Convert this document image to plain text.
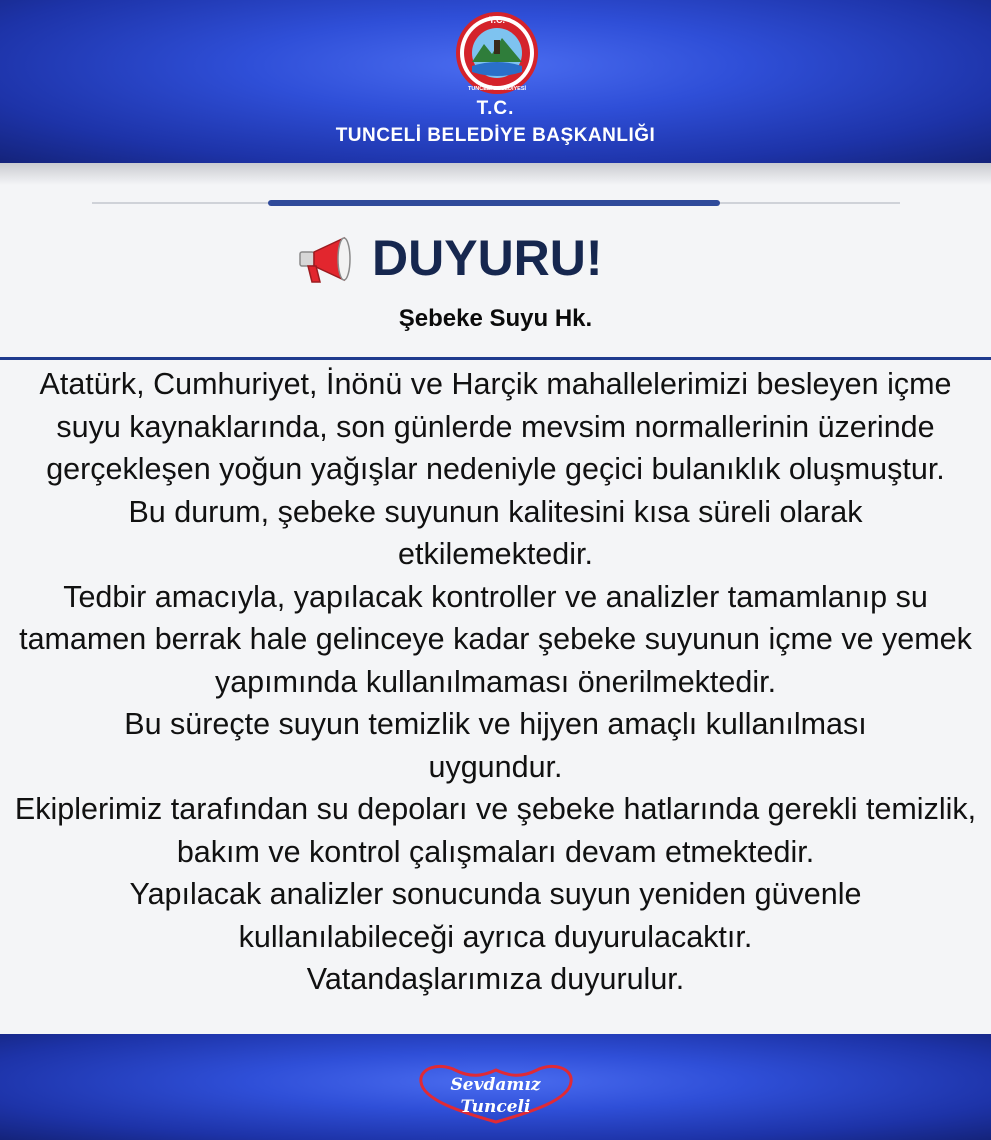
T.C.
TUNCELİ BELEDİYESİ
T.C.
TUNCELİ BELEDİYE BAŞKANLIĞI
DUYURU!
Şebeke Suyu Hk.

Atatürk, Cumhuriyet, İnönü ve Harçik mahallelerimizi besleyen içme suyu kaynaklarında, son günlerde mevsim normallerinin üzerinde gerçekleşen yoğun yağışlar nedeniyle geçici bulanıklık oluşmuştur.

Bu durum, şebeke suyunun kalitesini kısa süreli olarak etkilemektedir.

Tedbir amacıyla, yapılacak kontroller ve analizler tamamlanıp su tamamen berrak hale gelinceye kadar şebeke suyunun içme ve yemek yapımında kullanılmaması önerilmektedir.

Bu süreçte suyun temizlik ve hijyen amaçlı kullanılması uygundur.

Ekiplerimiz tarafından su depoları ve şebeke hatlarında gerekli temizlik, bakım ve kontrol çalışmaları devam etmektedir.

Yapılacak analizler sonucunda suyun yeniden güvenle kullanılabileceği ayrıca duyurulacaktır.

Vatandaşlarımıza duyurulur.

Sevdamız
Tunceli
